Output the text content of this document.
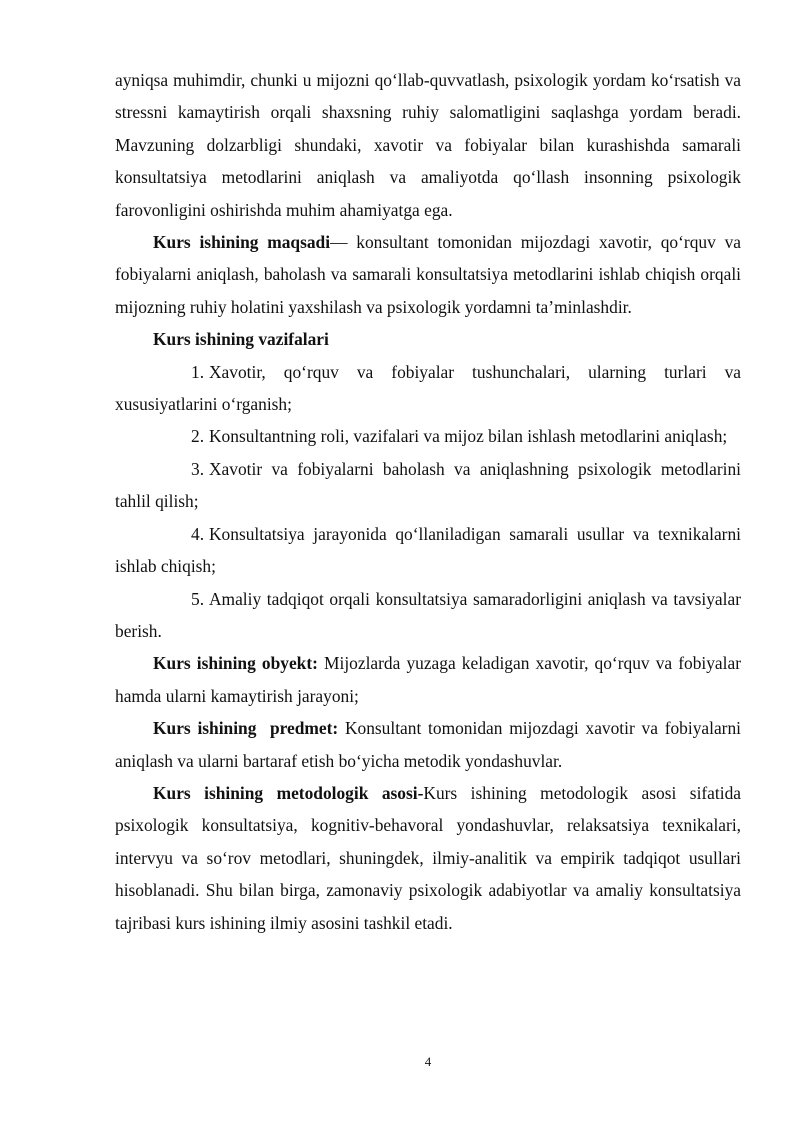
ayniqsa muhimdir, chunki u mijozni qo‘llab-quvvatlash, psixologik yordam ko‘rsatish va stressni kamaytirish orqali shaxsning ruhiy salomatligini saqlashga yordam beradi. Mavzuning dolzarbligi shundaki, xavotir va fobiyalar bilan kurashishda samarali konsultatsiya metodlarini aniqlash va amaliyotda qo‘llash insonning psixologik farovonligini oshirishda muhim ahamiyatga ega.

Kurs ishining maqsadi— konsultant tomonidan mijozdagi xavotir, qo‘rquv va fobiyalarni aniqlash, baholash va samarali konsultatsiya metodlarini ishlab chiqish orqali mijozning ruhiy holatini yaxshilash va psixologik yordamni ta’minlashdir.

Kurs ishining vazifalari

1. Xavotir, qo‘rquv va fobiyalar tushunchalari, ularning turlari va xususiyatlarini o‘rganish;

2. Konsultantning roli, vazifalari va mijoz bilan ishlash metodlarini aniqlash;

3. Xavotir va fobiyalarni baholash va aniqlashning psixologik metodlarini tahlil qilish;

4. Konsultatsiya jarayonida qo‘llaniladigan samarali usullar va texnikalarni ishlab chiqish;

5. Amaliy tadqiqot orqali konsultatsiya samaradorligini aniqlash va tavsiyalar berish.

Kurs ishining obyekt: Mijozlarda yuzaga keladigan xavotir, qo‘rquv va fobiyalar hamda ularni kamaytirish jarayoni;

Kurs ishining  predmet: Konsultant tomonidan mijozdagi xavotir va fobiyalarni aniqlash va ularni bartaraf etish bo‘yicha metodik yondashuvlar.

Kurs ishining metodologik asosi-Kurs ishining metodologik asosi sifatida psixologik konsultatsiya, kognitiv-behavoral yondashuvlar, relaksatsiya texnikalari, intervyu va so‘rov metodlari, shuningdek, ilmiy-analitik va empirik tadqiqot usullari hisoblanadi. Shu bilan birga, zamonaviy psixologik adabiyotlar va amaliy konsultatsiya tajribasi kurs ishining ilmiy asosini tashkil etadi.

4
